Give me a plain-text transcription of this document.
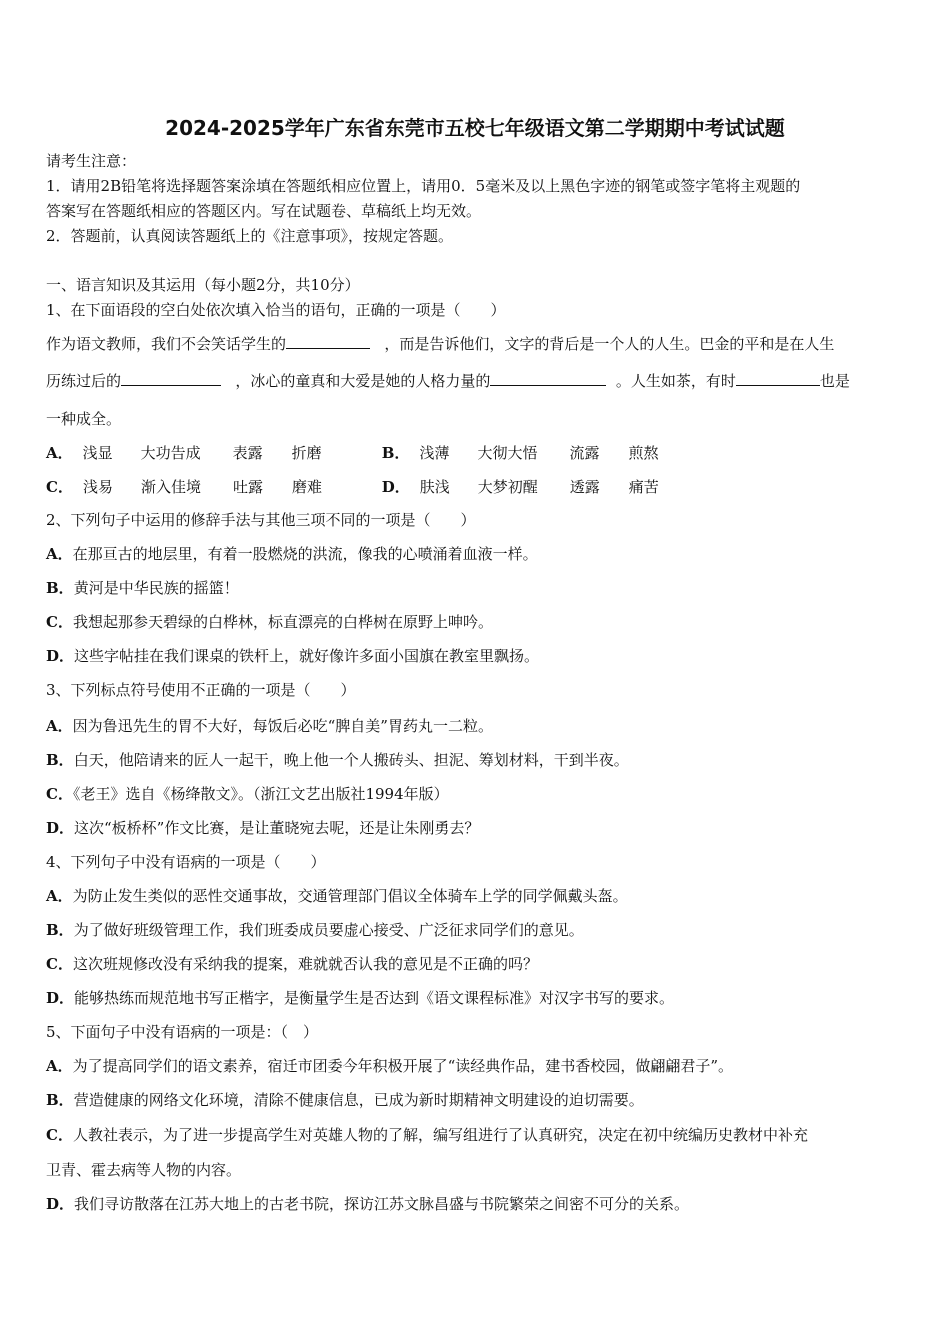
2024-2025学年广东省东莞市五校七年级语文第二学期期中考试试题
请考生注意：
1．请用2B铅笔将选择题答案涂填在答题纸相应位置上，请用0．5毫米及以上黑色字迹的钢笔或签字笔将主观题的
答案写在答题纸相应的答题区内。写在试题卷、草稿纸上均无效。
2．答题前，认真阅读答题纸上的《注意事项》，按规定答题。
一、语言知识及其运用（每小题2分，共10分）
1、在下面语段的空白处依次填入恰当的语句，正确的一项是（　　）
作为语文教师，我们不会笑话学生的	，而是告诉他们，文字的背后是一个人的人生。巴金的平和是在人生
历练过后的	，冰心的童真和大爱是她的人格力量的	。人生如茶，有时	也是
一种成全。
A． 浅显 大功告成 表露 折磨	B． 浅薄 大彻大悟 流露 煎熬
C． 浅易 渐入佳境 吐露 磨难	D． 肤浅 大梦初醒 透露 痛苦
2、下列句子中运用的修辞手法与其他三项不同的一项是（　　）
A．在那亘古的地层里，有着一股燃烧的洪流，像我的心喷涌着血液一样。
B．黄河是中华民族的摇篮！
C．我想起那参天碧绿的白桦林，标直漂亮的白桦树在原野上呻吟。
D．这些字帖挂在我们课桌的铁杆上，就好像许多面小国旗在教室里飘扬。
3、下列标点符号使用不正确的一项是（　　）
A．因为鲁迅先生的胃不大好，每饭后必吃“脾自美”胃药丸一二粒。
B．白天，他陪请来的匠人一起干，晚上他一个人搬砖头、担泥、筹划材料，干到半夜。
C．《老王》选自《杨绛散文》。（浙江文艺出版社1994年版）
D．这次“板桥杯”作文比赛，是让董晓宛去呢，还是让朱刚勇去？
4、下列句子中没有语病的一项是（　　）
A．为防止发生类似的恶性交通事故，交通管理部门倡议全体骑车上学的同学佩戴头盔。
B．为了做好班级管理工作，我们班委成员要虚心接受、广泛征求同学们的意见。
C．这次班规修改没有采纳我的提案，难就就否认我的意见是不正确的吗？
D．能够热练而规范地书写正楷字，是衡量学生是否达到《语文课程标准》对汉字书写的要求。
5、下面句子中没有语病的一项是：（　）
A．为了提高同学们的语文素养，宿迁市团委今年积极开展了“读经典作品，建书香校园，做翩翩君子”。
B．营造健康的网络文化环境，清除不健康信息，已成为新时期精神文明建设的迫切需要。
C．人教社表示，为了进一步提高学生对英雄人物的了解，编写组进行了认真研究，决定在初中统编历史教材中补充
卫青、霍去病等人物的内容。
D．我们寻访散落在江苏大地上的古老书院，探访江苏文脉昌盛与书院繁荣之间密不可分的关系。
